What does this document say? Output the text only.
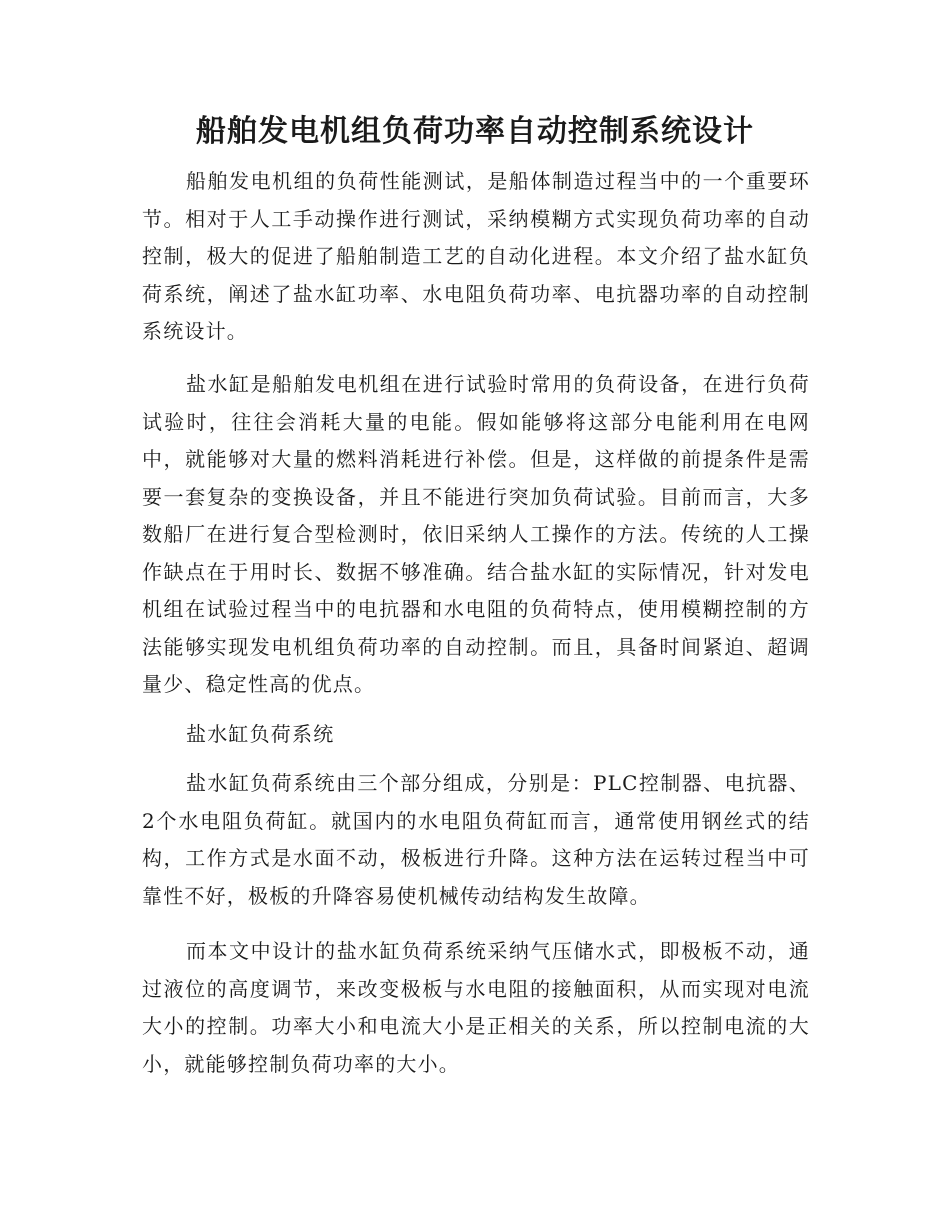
船舶发电机组负荷功率自动控制系统设计

船舶发电机组的负荷性能测试，是船体制造过程当中的一个重要环节。相对于人工手动操作进行测试，采纳模糊方式实现负荷功率的自动控制，极大的促进了船舶制造工艺的自动化进程。本文介绍了盐水缸负荷系统，阐述了盐水缸功率、水电阻负荷功率、电抗器功率的自动控制系统设计。

盐水缸是船舶发电机组在进行试验时常用的负荷设备，在进行负荷试验时，往往会消耗大量的电能。假如能够将这部分电能利用在电网中，就能够对大量的燃料消耗进行补偿。但是，这样做的前提条件是需要一套复杂的变换设备，并且不能进行突加负荷试验。目前而言，大多数船厂在进行复合型检测时，依旧采纳人工操作的方法。传统的人工操作缺点在于用时长、数据不够准确。结合盐水缸的实际情况，针对发电机组在试验过程当中的电抗器和水电阻的负荷特点，使用模糊控制的方法能够实现发电机组负荷功率的自动控制。而且，具备时间紧迫、超调量少、稳定性高的优点。

盐水缸负荷系统

盐水缸负荷系统由三个部分组成，分别是：PLC控制器、电抗器、2个水电阻负荷缸。就国内的水电阻负荷缸而言，通常使用钢丝式的结构，工作方式是水面不动，极板进行升降。这种方法在运转过程当中可靠性不好，极板的升降容易使机械传动结构发生故障。

而本文中设计的盐水缸负荷系统采纳气压储水式，即极板不动，通过液位的高度调节，来改变极板与水电阻的接触面积，从而实现对电流大小的控制。功率大小和电流大小是正相关的关系，所以控制电流的大小，就能够控制负荷功率的大小。
